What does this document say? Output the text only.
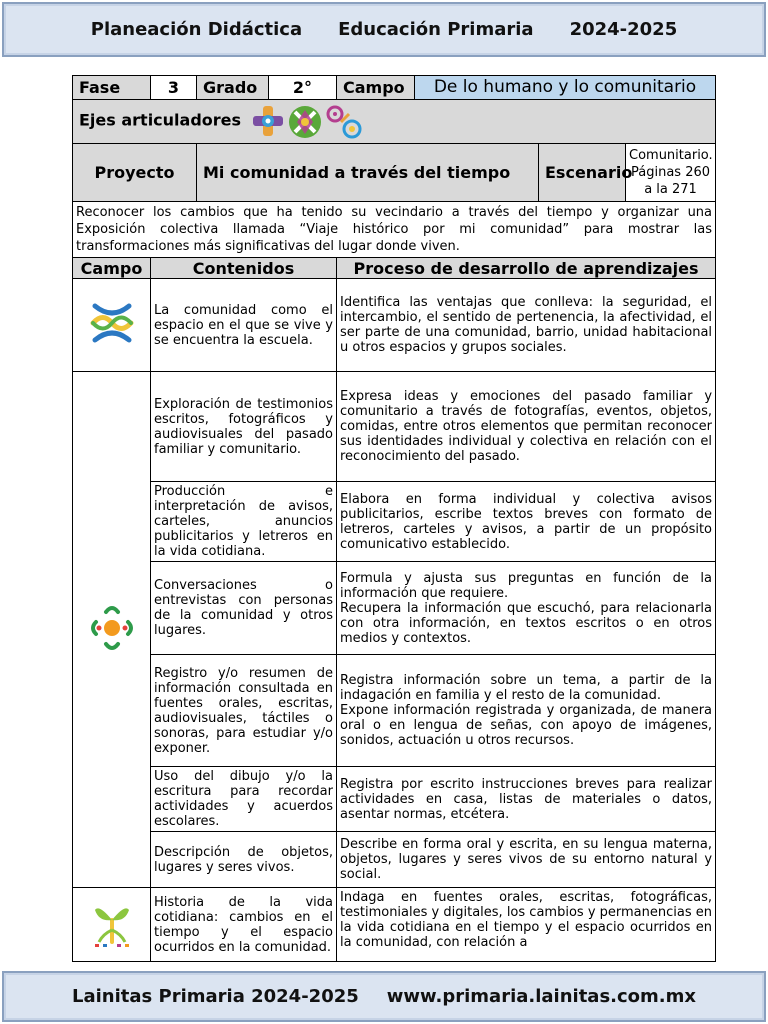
Planeación Didáctica Educación Primaria 2024-2025
Fase	3	Grado	2°	Campo	De lo humano y lo comunitario		
Ejes articuladores							

Proyecto		Mi comunidad a través del tiempo				Escenario	Comunitario. Páginas 260 a la 271
Reconocer los cambios que ha tenido su vecindario a través del tiempo y organizar una Exposición colectiva llamada “Viaje histórico por mi comunidad” para mostrar las transformaciones más significativas del lugar donde viven.							
Campo	Contenidos			Proceso de desarrollo de aprendizajes			
	La comunidad como el espacio en el que se vive y se encuentra la escuela.			Identifica las ventajas que conlleva: la seguridad, el intercambio, el sentido de pertenencia, la afectividad, el ser parte de una comunidad, barrio, unidad habitacional u otros espacios y grupos sociales.			
	Exploración de testimonios escritos, fotográficos y audiovisuales del pasado familiar y comunitario.			Expresa ideas y emociones del pasado familiar y comunitario a través de fotografías, eventos, objetos, comidas, entre otros elementos que permitan reconocer sus identidades individual y colectiva en relación con el reconocimiento del pasado.			
	Producción e interpretación de avisos, carteles, anuncios publicitarios y letreros en la vida cotidiana.			Elabora en forma individual y colectiva avisos publicitarios, escribe textos breves con formato de letreros, carteles y avisos, a partir de un propósito comunicativo establecido.			
	Conversaciones o entrevistas con personas de la comunidad y otros lugares.			Formula y ajusta sus preguntas en función de la información que requiere.
Recupera la información que escuchó, para relacionarla con otra información, en textos escritos o en otros medios y contextos.			
	Registro y/o resumen de información consultada en fuentes orales, escritas, audiovisuales, táctiles o sonoras, para estudiar y/o exponer.			Registra información sobre un tema, a partir de la indagación en familia y el resto de la comunidad.
Expone información registrada y organizada, de manera oral o en lengua de señas, con apoyo de imágenes, sonidos, actuación u otros recursos.			
	Uso del dibujo y/o la escritura para recordar actividades y acuerdos escolares.			Registra por escrito instrucciones breves para realizar actividades en casa, listas de materiales o datos, asentar normas, etcétera.			
	Descripción de objetos, lugares y seres vivos.			Describe en forma oral y escrita, en su lengua materna, objetos, lugares y seres vivos de su entorno natural y social.			
	Historia de la vida cotidiana: cambios en el tiempo y el espacio ocurridos en la comunidad.			Indaga en fuentes orales, escritas, fotográficas, testimoniales y digitales, los cambios y permanencias en la vida cotidiana en el tiempo y el espacio ocurridos en la comunidad, con relación a			
Lainitas Primaria 2024-2025 www.primaria.lainitas.com.mx
